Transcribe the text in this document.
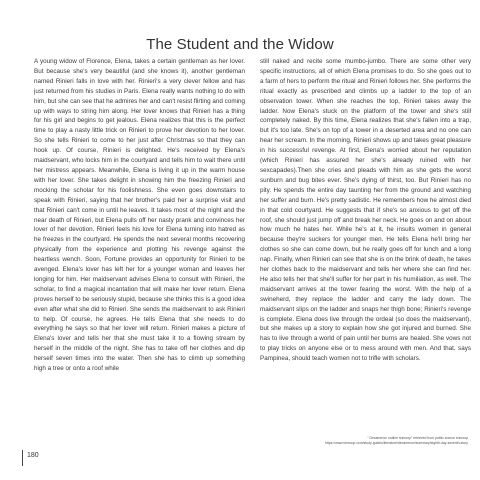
The Student and the Widow

A young widow of Florence, Elena, takes a certain gentleman as her lover. But because she's very beautiful (and she knows it), another gentleman named Rinieri falls in love with her. Rinieri's a very clever fellow and has just returned from his studies in Paris. Elena really wants nothing to do with him, but she can see that he admires her and can't resist flirting and coming up with ways to string him along. Her lover knows that Rinieri has a thing for his girl and begins to get jealous. Elena realizes that this is the perfect time to play a nasty little trick on Rinieri to prove her devotion to her lover. So she tells Rinieri to come to her just after Christmas so that they can hook up. Of course, Rinieri is delighted. He's received by Elena's maidservant, who locks him in the courtyard and tells him to wait there until her mistress appears. Meanwhile, Elena is living it up in the warm house with her lover. She takes delight in showing him the freezing Rinieri and mocking the scholar for his foolishness. She even goes downstairs to speak with Rinieri, saying that her brother's paid her a surprise visit and that Rinieri can't come in until he leaves. It takes most of the night and the near death of Rinieri, but Elena pulls off her nasty prank and convinces her lover of her devotion. Rinieri feels his love for Elena turning into hatred as he freezes in the courtyard. He spends the next several months recovering physically from the experience and plotting his revenge against the heartless wench. Soon, Fortune provides an opportunity for Rinieri to be avenged. Elena's lover has left her for a younger woman and leaves her longing for him. Her maidservant advises Elena to consult with Rinieri, the scholar, to find a magical incantation that will make her lover return. Elena proves herself to be seriously stupid, because she thinks this is a good idea even after what she did to Rinieri. She sends the maidservant to ask Rinieri to help. Of course, he agrees. He tells Elena that she needs to do everything he says so that her lover will return. Rinieri makes a picture of Elena's lover and tells her that she must take it to a flowing stream by herself in the middle of the night. She has to take off her clothes and dip herself seven times into the water. Then she has to climb up something high a tree or onto a roof while

still naked and recite some mumbo-jumbo. There are some other very specific instructions, all of which Elena promises to do. So she goes out to a farm of hers to perform the ritual and Rinieri follows her. She performs the ritual exactly as prescribed and climbs up a ladder to the top of an observation tower. When she reaches the top, Rinieri takes away the ladder. Now Elena's stuck on the platform of the tower and she's still completely naked. By this time, Elena realizes that she's fallen into a trap, but it's too late. She's on top of a tower in a deserted area and no one can hear her scream. In the morning, Rinieri shows up and takes great pleasure in his successful revenge. At first, Elena's worried about her reputation (which Rinieri has assured her she's already ruined with her sexcapades).Then she cries and pleads with him as she gets the worst sunburn and bug bites ever. She's dying of thirst, too. But Rinieri has no pity. He spends the entire day taunting her from the ground and watching her suffer and burn. He's pretty sadistic. He remembers how he almost died in that cold courtyard. He suggests that if she's so anxious to get off the roof, she should just jump off and break her neck. He goes on and on about how much he hates her. While he's at it, he insults women in general because they're suckers for younger men. He tells Elena he'll bring her clothes so she can come down, but he really goes off for lunch and a long nap. Finally, when Rinieri can see that she is on the brink of death, he takes her clothes back to the maidservant and tells her where she can find her. He also tells her that she'll suffer for her part in his humiliation, as well. The maidservant arrives at the tower fearing the worst. With the help of a swineherd, they replace the ladder and carry the lady down. The maidservant slips on the ladder and snaps her thigh bone; Rinieri's revenge is complete. Elena does live through the ordeal (so does the maidservant), but she makes up a story to explain how she got injured and burned. She has to live through a world of pain until her burns are healed. She vows not to play tricks on anyone else or to mess around with men. And that, says Pampinea, should teach women not to trifle with scholars.

" Decameron outline shmoop" retrieved from public source shmoop
https://www.shmoop.com/study-guides/literature/decameron/summary/eighth-day-seventh-story
180
